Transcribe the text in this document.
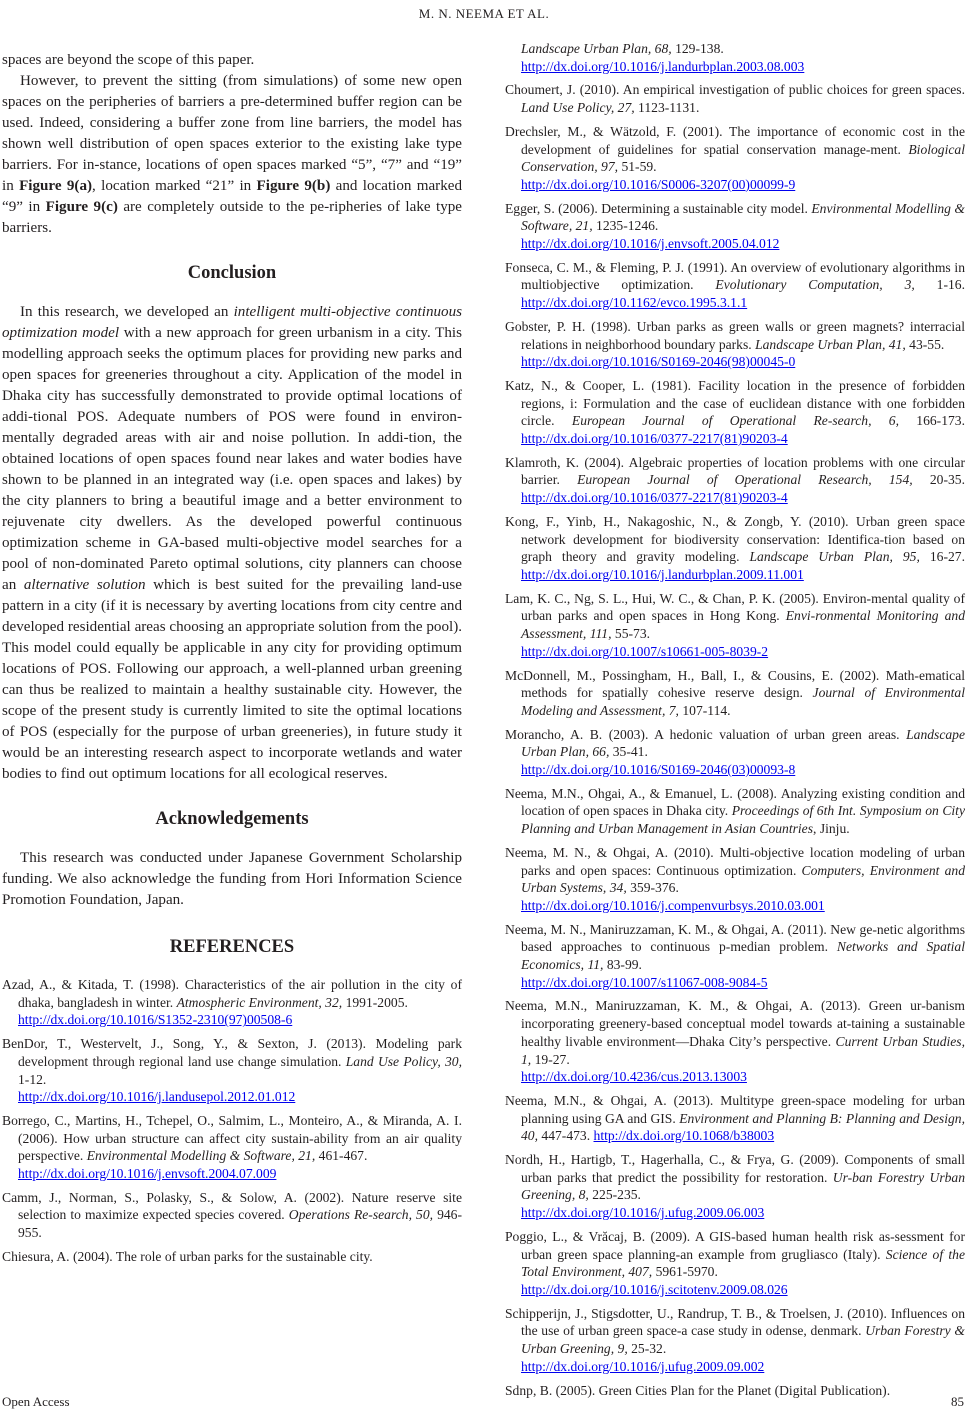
M. N. NEEMA ET AL.

spaces are beyond the scope of this paper.

However, to prevent the sitting (from simulations) of some new open spaces on the peripheries of barriers a pre-determined buffer region can be used. Indeed, considering a buffer zone from line barriers, the model has shown well distribution of open spaces exterior to the existing lake type barriers. For in-stance, locations of open spaces marked “5”, “7” and “19” in Figure 9(a), location marked “21” in Figure 9(b) and location marked “9” in Figure 9(c) are completely outside to the pe-ripheries of lake type barriers.

Conclusion

In this research, we developed an intelligent multi-objective continuous optimization model with a new approach for green urbanism in a city. This modelling approach seeks the optimum places for providing new parks and open spaces for greeneries throughout a city. Application of the model in Dhaka city has successfully demonstrated to provide optimal locations of addi-tional POS. Adequate numbers of POS were found in environ-mentally degraded areas with air and noise pollution. In addi-tion, the obtained locations of open spaces found near lakes and water bodies have shown to be planned in an integrated way (i.e. open spaces and lakes) by the city planners to bring a beautiful image and a better environment to rejuvenate city dwellers. As the developed powerful continuous optimization scheme in GA-based multi-objective model searches for a pool of non-dominated Pareto optimal solutions, city planners can choose an alternative solution which is best suited for the prevailing land-use pattern in a city (if it is necessary by averting locations from city centre and developed residential areas choosing an appropriate solution from the pool). This model could equally be applicable in any city for providing optimum locations of POS. Following our approach, a well-planned urban greening can thus be realized to maintain a healthy sustainable city. However, the scope of the present study is currently limited to site the optimal locations of POS (especially for the purpose of urban greeneries), in future study it would be an interesting research aspect to incorporate wetlands and water bodies to find out optimum locations for all ecological reserves.

Acknowledgements

This research was conducted under Japanese Government Scholarship funding. We also acknowledge the funding from Hori Information Science Promotion Foundation, Japan.

REFERENCES

Azad, A., & Kitada, T. (1998). Characteristics of the air pollution in the city of dhaka, bangladesh in winter. Atmospheric Environment, 32, 1991-2005.
http://dx.doi.org/10.1016/S1352-2310(97)00508-6

BenDor, T., Westervelt, J., Song, Y., & Sexton, J. (2013). Modeling park development through regional land use change simulation. Land Use Policy, 30, 1-12.
http://dx.doi.org/10.1016/j.landusepol.2012.01.012

Borrego, C., Martins, H., Tchepel, O., Salmim, L., Monteiro, A., & Miranda, A. I. (2006). How urban structure can affect city sustain-ability from an air quality perspective. Environmental Modelling & Software, 21, 461-467.
http://dx.doi.org/10.1016/j.envsoft.2004.07.009

Camm, J., Norman, S., Polasky, S., & Solow, A. (2002). Nature reserve site selection to maximize expected species covered. Operations Re-search, 50, 946-955.

Chiesura, A. (2004). The role of urban parks for the sustainable city.

Landscape Urban Plan, 68, 129-138.
http://dx.doi.org/10.1016/j.landurbplan.2003.08.003

Choumert, J. (2010). An empirical investigation of public choices for green spaces. Land Use Policy, 27, 1123-1131.

Drechsler, M., & Wätzold, F. (2001). The importance of economic cost in the development of guidelines for spatial conservation manage-ment. Biological Conservation, 97, 51-59.
http://dx.doi.org/10.1016/S0006-3207(00)00099-9

Egger, S. (2006). Determining a sustainable city model. Environmental Modelling & Software, 21, 1235-1246.
http://dx.doi.org/10.1016/j.envsoft.2005.04.012

Fonseca, C. M., & Fleming, P. J. (1991). An overview of evolutionary algorithms in multiobjective optimization. Evolutionary Computation, 3, 1-16. http://dx.doi.org/10.1162/evco.1995.3.1.1

Gobster, P. H. (1998). Urban parks as green walls or green magnets? interracial relations in neighborhood boundary parks. Landscape Urban Plan, 41, 43-55.
http://dx.doi.org/10.1016/S0169-2046(98)00045-0

Katz, N., & Cooper, L. (1981). Facility location in the presence of forbidden regions, i: Formulation and the case of euclidean distance with one forbidden circle. European Journal of Operational Re-search, 6, 166-173. http://dx.doi.org/10.1016/0377-2217(81)90203-4

Klamroth, K. (2004). Algebraic properties of location problems with one circular barrier. European Journal of Operational Research, 154, 20-35. http://dx.doi.org/10.1016/0377-2217(81)90203-4

Kong, F., Yinb, H., Nakagoshic, N., & Zongb, Y. (2010). Urban green space network development for biodiversity conservation: Identifica-tion based on graph theory and gravity modeling. Landscape Urban Plan, 95, 16-27. http://dx.doi.org/10.1016/j.landurbplan.2009.11.001

Lam, K. C., Ng, S. L., Hui, W. C., & Chan, P. K. (2005). Environ-mental quality of urban parks and open spaces in Hong Kong. Envi-ronmental Monitoring and Assessment, 111, 55-73.
http://dx.doi.org/10.1007/s10661-005-8039-2

McDonnell, M., Possingham, H., Ball, I., & Cousins, E. (2002). Math-ematical methods for spatially cohesive reserve design. Journal of Environmental Modeling and Assessment, 7, 107-114.

Morancho, A. B. (2003). A hedonic valuation of urban green areas. Landscape Urban Plan, 66, 35-41.
http://dx.doi.org/10.1016/S0169-2046(03)00093-8

Neema, M.N., Ohgai, A., & Emanuel, L. (2008). Analyzing existing condition and location of open spaces in Dhaka city. Proceedings of 6th Int. Symposium on City Planning and Urban Management in Asian Countries, Jinju.

Neema, M. N., & Ohgai, A. (2010). Multi-objective location modeling of urban parks and open spaces: Continuous optimization. Computers, Environment and Urban Systems, 34, 359-376.
http://dx.doi.org/10.1016/j.compenvurbsys.2010.03.001

Neema, M. N., Maniruzzaman, K. M., & Ohgai, A. (2011). New ge-netic algorithms based approaches to continuous p-median problem. Networks and Spatial Economics, 11, 83-99.
http://dx.doi.org/10.1007/s11067-008-9084-5

Neema, M.N., Maniruzzaman, K. M., & Ohgai, A. (2013). Green ur-banism incorporating greenery-based conceptual model towards at-taining a sustainable healthy livable environment—Dhaka City’s perspective. Current Urban Studies, 1, 19-27.
http://dx.doi.org/10.4236/cus.2013.13003

Neema, M.N., & Ohgai, A. (2013). Multitype green-space modeling for urban planning using GA and GIS. Environment and Planning B: Planning and Design, 40, 447-473. http://dx.doi.org/10.1068/b38003

Nordh, H., Hartigb, T., Hagerhalla, C., & Frya, G. (2009). Components of small urban parks that predict the possibility for restoration. Ur-ban Forestry Urban Greening, 8, 225-235.
http://dx.doi.org/10.1016/j.ufug.2009.06.003

Poggio, L., & Vrăcaj, B. (2009). A GIS-based human health risk as-sessment for urban green space planning-an example from grugliasco (Italy). Science of the Total Environment, 407, 5961-5970.
http://dx.doi.org/10.1016/j.scitotenv.2009.08.026

Schipperijn, J., Stigsdotter, U., Randrup, T. B., & Troelsen, J. (2010). Influences on the use of urban green space-a case study in odense, denmark. Urban Forestry & Urban Greening, 9, 25-32.
http://dx.doi.org/10.1016/j.ufug.2009.09.002

Sdnp, B. (2005). Green Cities Plan for the Planet (Digital Publication).

Open Access	85
